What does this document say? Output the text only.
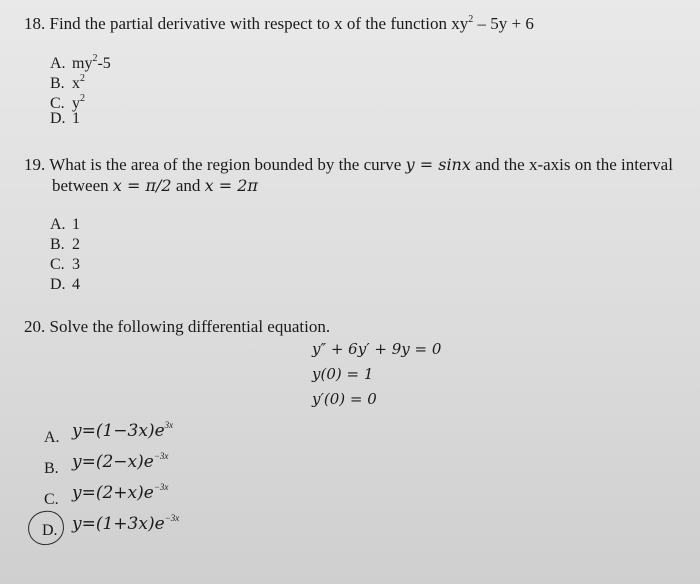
18. Find the partial derivative with respect to x of the function $xy^2 - 5y + 6$
A. $my^2-5$
B. $x^2$
C. $y^2$
D. 1
19. What is the area of the region bounded by the curve y = sinx and the x-axis on the interval
between x = π/2 and x = 2π
A. 1
B. 2
C. 3
D. 4
20. Solve the following differential equation.
y″ + 6y′ + 9y = 0
y(0) = 1
y′(0) = 0
A. $y=(1-3x)e^{3x}$
B. $y=(2-x)e^{-3x}$
C. $y=(2+x)e^{-3x}$
D. $y=(1+3x)e^{-3x}$
